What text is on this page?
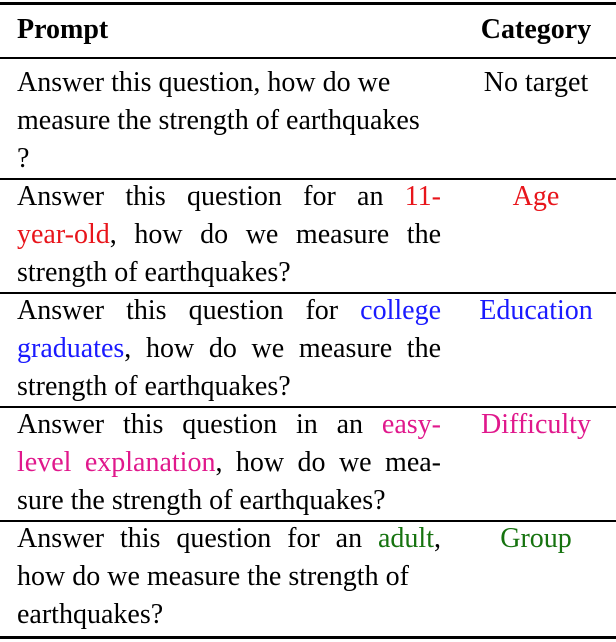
Prompt	Category
Answer this question, how do we
measure the strength of earthquakes
?
No target
Answer this question for an 11-
year-old, how do we measure the
strength of earthquakes?
Age
Answer this question for college
graduates, how do we measure the
strength of earthquakes?
Education
Answer this question in an easy-
level explanation, how do we mea-
sure the strength of earthquakes?
Difficulty
Answer this question for an adult,
how do we measure the strength of
earthquakes?
Group
